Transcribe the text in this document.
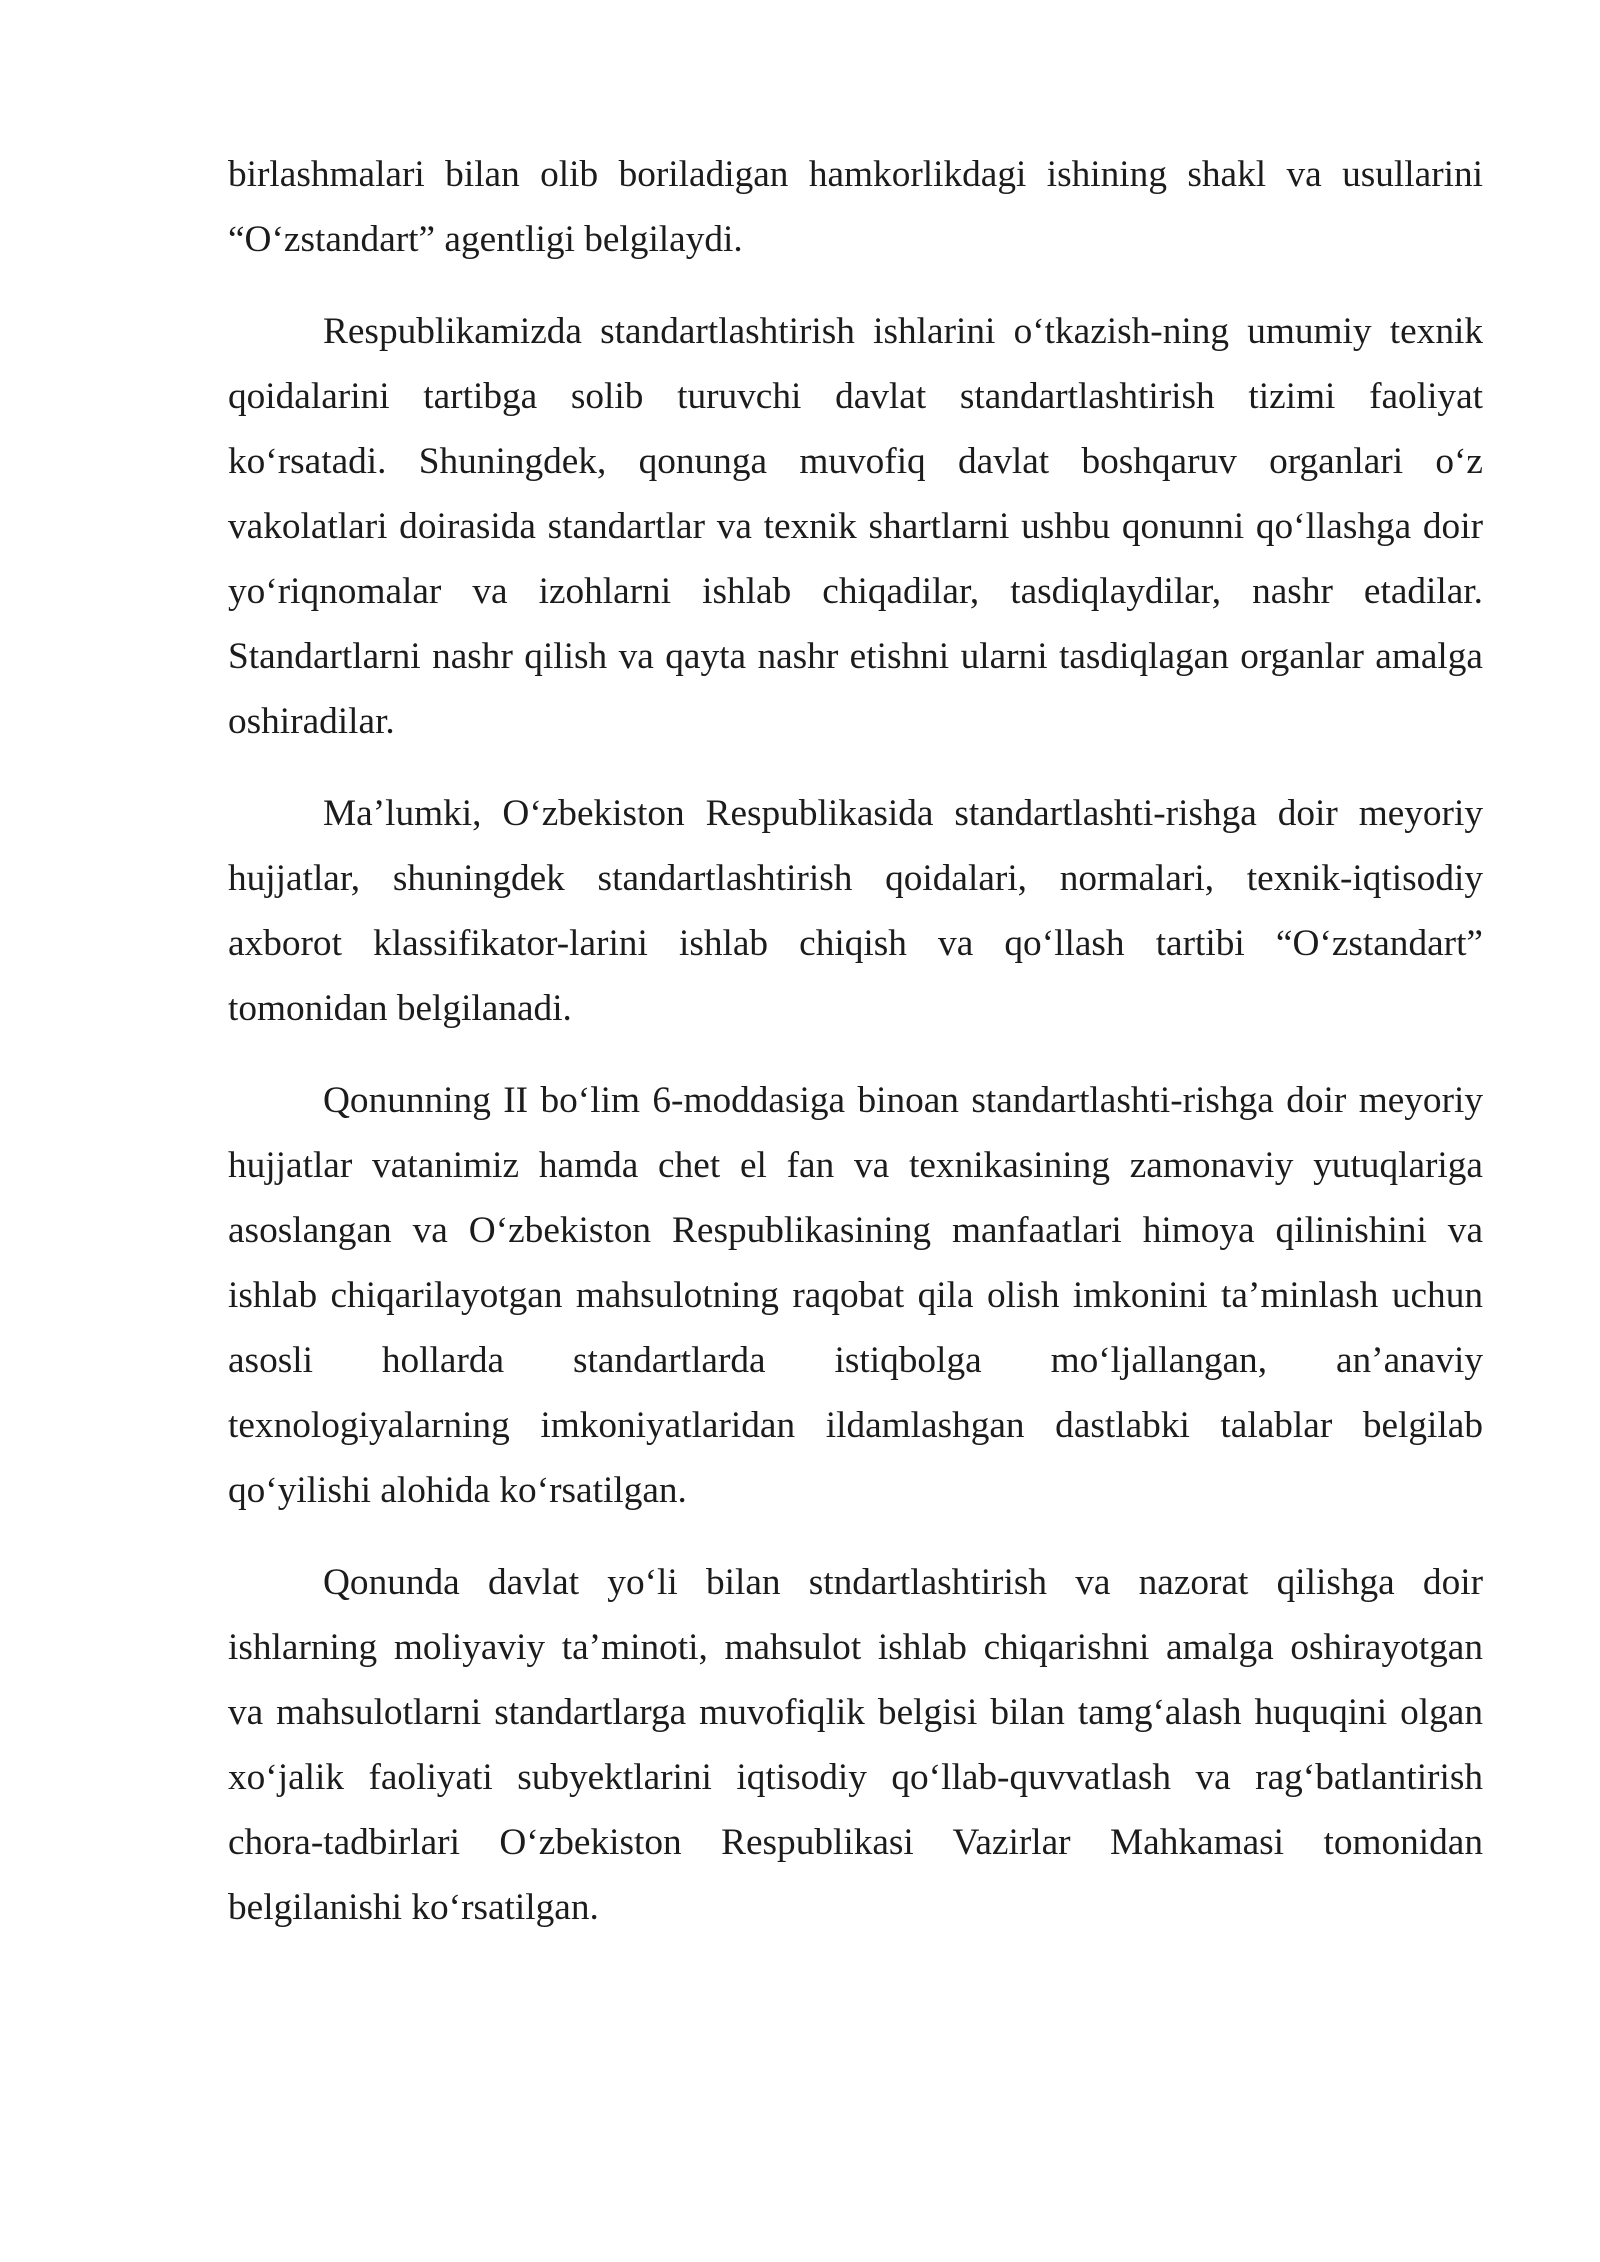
birlashmalari bilan olib boriladigan hamkorlikdagi ishining shakl va usullarini
“O‘zstandart” agentligi belgilaydi.
Respublikamizda standartlashtirish ishlarini o‘tkazish-ning umumiy texnik
qoidalarini tartibga solib turuvchi davlat standartlashtirish tizimi faoliyat
ko‘rsatadi. Shuningdek, qonunga muvofiq davlat boshqaruv organlari o‘z
vakolatlari doirasida standartlar va texnik shartlarni ushbu qonunni qo‘llashga doir
yo‘riqnomalar va izohlarni ishlab chiqadilar, tasdiqlaydilar, nashr etadilar.
Standartlarni nashr qilish va qayta nashr etishni ularni tasdiqlagan organlar amalga
oshiradilar.
Ma’lumki, O‘zbekiston Respublikasida standartlashti-rishga doir meyoriy
hujjatlar, shuningdek standartlashtirish qoidalari, normalari, texnik-iqtisodiy
axborot klassifikator-larini ishlab chiqish va qo‘llash tartibi “O‘zstandart”
tomonidan belgilanadi.
Qonunning II bo‘lim 6-moddasiga binoan standartlashti-rishga doir meyoriy
hujjatlar vatanimiz hamda chet el fan va texnikasining zamonaviy yutuqlariga
asoslangan va O‘zbekiston Respublikasining manfaatlari himoya qilinishini va
ishlab chiqarilayotgan mahsulotning raqobat qila olish imkonini ta’minlash uchun
asosli hollarda standartlarda istiqbolga mo‘ljallangan, an’anaviy
texnologiyalarning imkoniyatlaridan ildamlashgan dastlabki talablar belgilab
qo‘yilishi alohida ko‘rsatilgan.
Qonunda davlat yo‘li bilan stndartlashtirish va nazorat qilishga doir
ishlarning moliyaviy ta’minoti, mahsulot ishlab chiqarishni amalga oshirayotgan
va mahsulotlarni standartlarga muvofiqlik belgisi bilan tamg‘alash huquqini olgan
xo‘jalik faoliyati subyektlarini iqtisodiy qo‘llab-quvvatlash va rag‘batlantirish
chora-tadbirlari O‘zbekiston Respublikasi Vazirlar Mahkamasi tomonidan
belgilanishi ko‘rsatilgan.
